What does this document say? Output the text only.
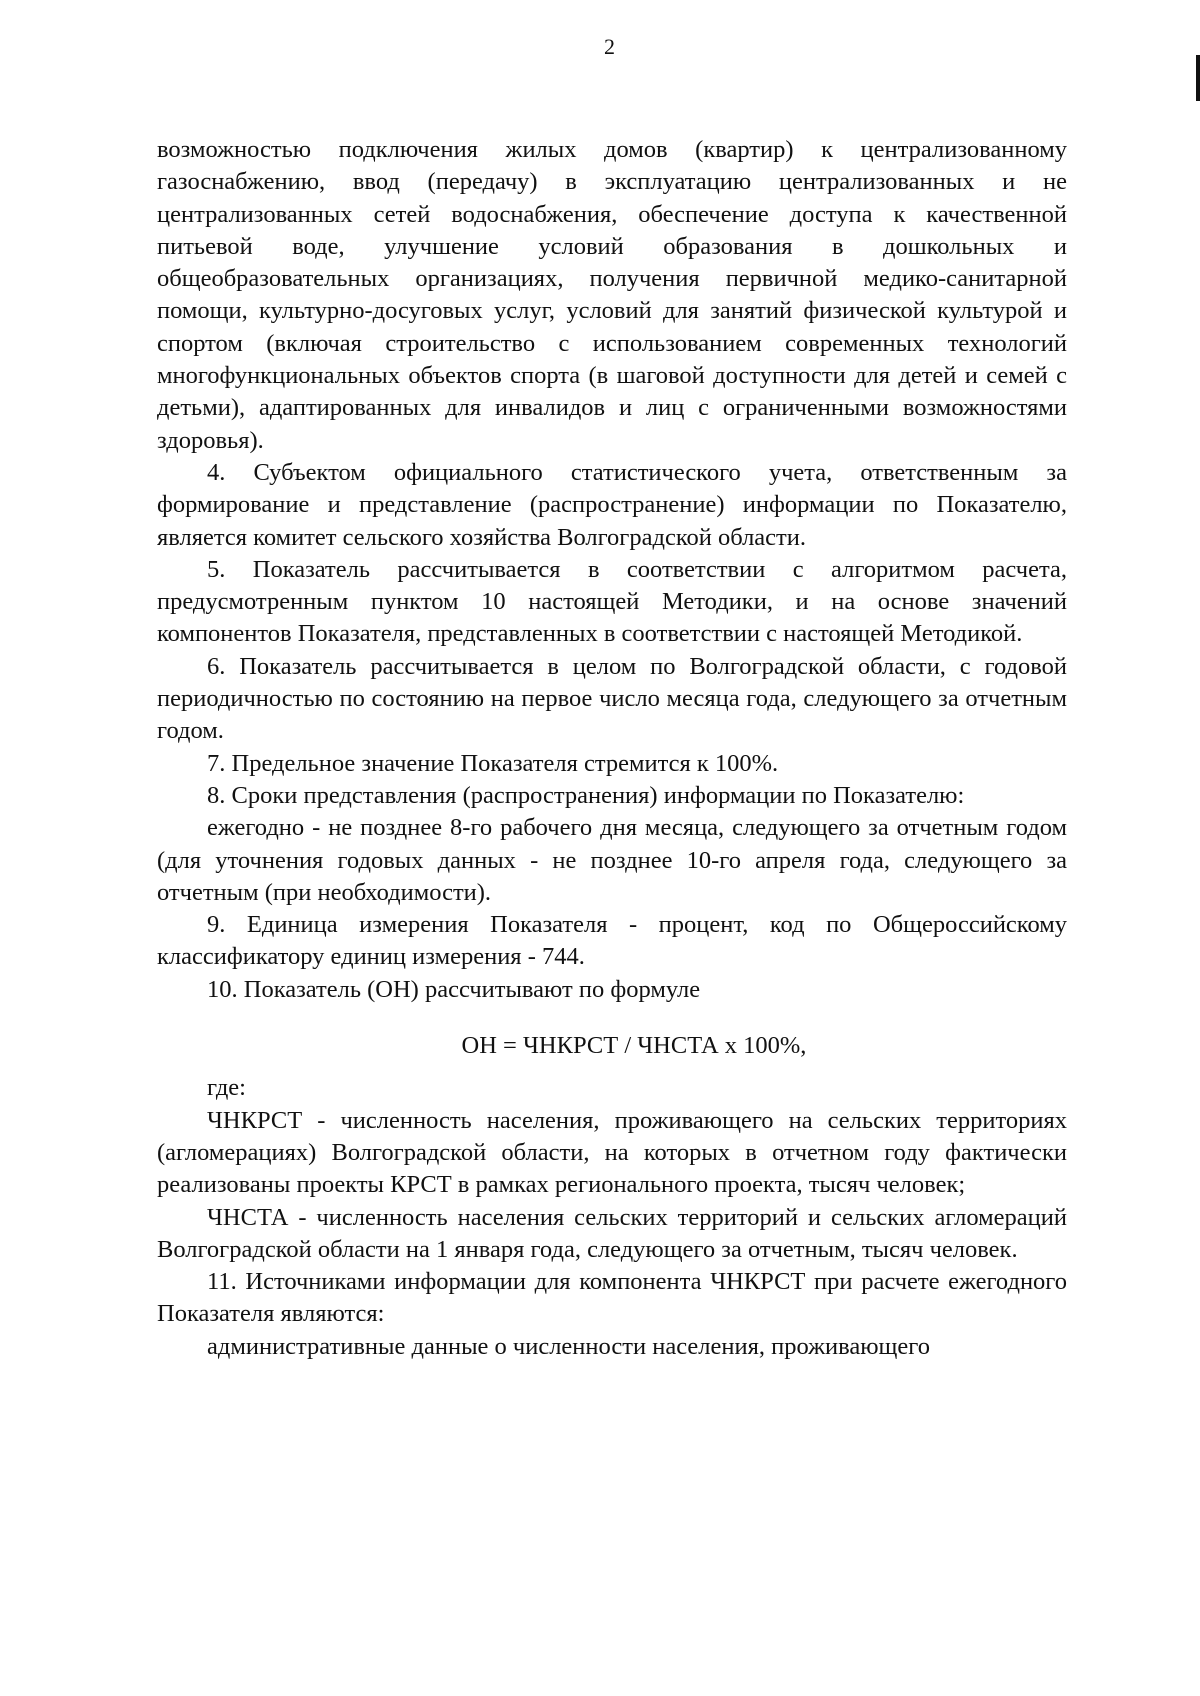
2

возможностью подключения жилых домов (квартир) к централизованному газоснабжению, ввод (передачу) в эксплуатацию централизованных и не централизованных сетей водоснабжения, обеспечение доступа к качественной питьевой воде, улучшение условий образования в дошкольных и общеобразовательных организациях, получения первичной медико-санитарной помощи, культурно-досуговых услуг, условий для занятий физической культурой и спортом (включая строительство с использованием современных технологий многофункциональных объектов спорта (в шаговой доступности для детей и семей с детьми), адаптированных для инвалидов и лиц с ограниченными возможностями здоровья).

4. Субъектом официального статистического учета, ответственным за формирование и представление (распространение) информации по Показателю, является комитет сельского хозяйства Волгоградской области.

5. Показатель рассчитывается в соответствии с алгоритмом расчета, предусмотренным пунктом 10 настоящей Методики, и на основе значений компонентов Показателя, представленных в соответствии с настоящей Методикой.

6. Показатель рассчитывается в целом по Волгоградской области, с годовой периодичностью по состоянию на первое число месяца года, следующего за отчетным годом.

7. Предельное значение Показателя стремится к 100%.

8. Сроки представления (распространения) информации по Показателю:

ежегодно - не позднее 8-го рабочего дня месяца, следующего за отчетным годом (для уточнения годовых данных - не позднее 10-го апреля года, следующего за отчетным (при необходимости).

9. Единица измерения Показателя - процент, код по Общероссийскому классификатору единиц измерения - 744.

10. Показатель (ОН) рассчитывают по формуле

ОН = ЧНКРСТ / ЧНСТА х 100%,

где:

ЧНКРСТ - численность населения, проживающего на сельских территориях (агломерациях) Волгоградской области, на которых в отчетном году фактически реализованы проекты КРСТ в рамках регионального проекта, тысяч человек;

ЧНСТА - численность населения сельских территорий и сельских агломераций Волгоградской области на 1 января года, следующего за отчетным, тысяч человек.

11. Источниками информации для компонента ЧНКРСТ при расчете ежегодного Показателя являются:

административные данные о численности населения, проживающего
